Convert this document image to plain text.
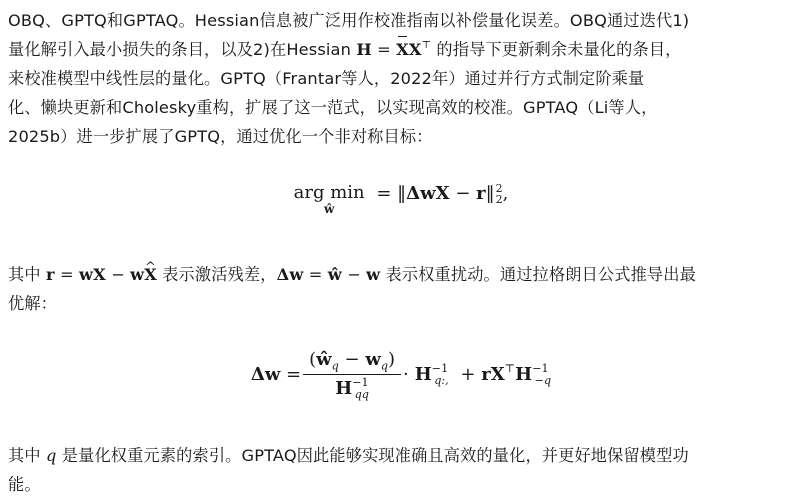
OBQ、GPTQ和GPTAQ。Hessian信息被广泛用作校准指南以补偿量化误差。OBQ通过迭代1)
量化解引入最小损失的条目，以及2)在Hessian H = XX⊤ 的指导下更新剩余未量化的条目，
来校准模型中线性层的量化。GPTQ（Frantar等人，2022年）通过并行方式制定阶乘量
化、懒块更新和Cholesky重构，扩展了这一范式，以实现高效的校准。GPTAQ（Li等人，
2025b）进一步扩展了GPTQ，通过优化一个非对称目标：

arg min
ŵ
= ‖ΔwX − r‖ 2
2 ,

其中 r = wX − w^ X 表示激活残差，Δw = ŵ − w 表示权重扰动。通过拉格朗日公式推导出最
优解：

$\Delta w = \frac{(ŵ_q - w_q)}{H^{-1}_{qq}} \cdot H^{-1}_{q:,} + rX^⊤H^{-1}_{-q}$

其中 q 是量化权重元素的索引。GPTAQ因此能够实现准确且高效的量化，并更好地保留模型功
能。
